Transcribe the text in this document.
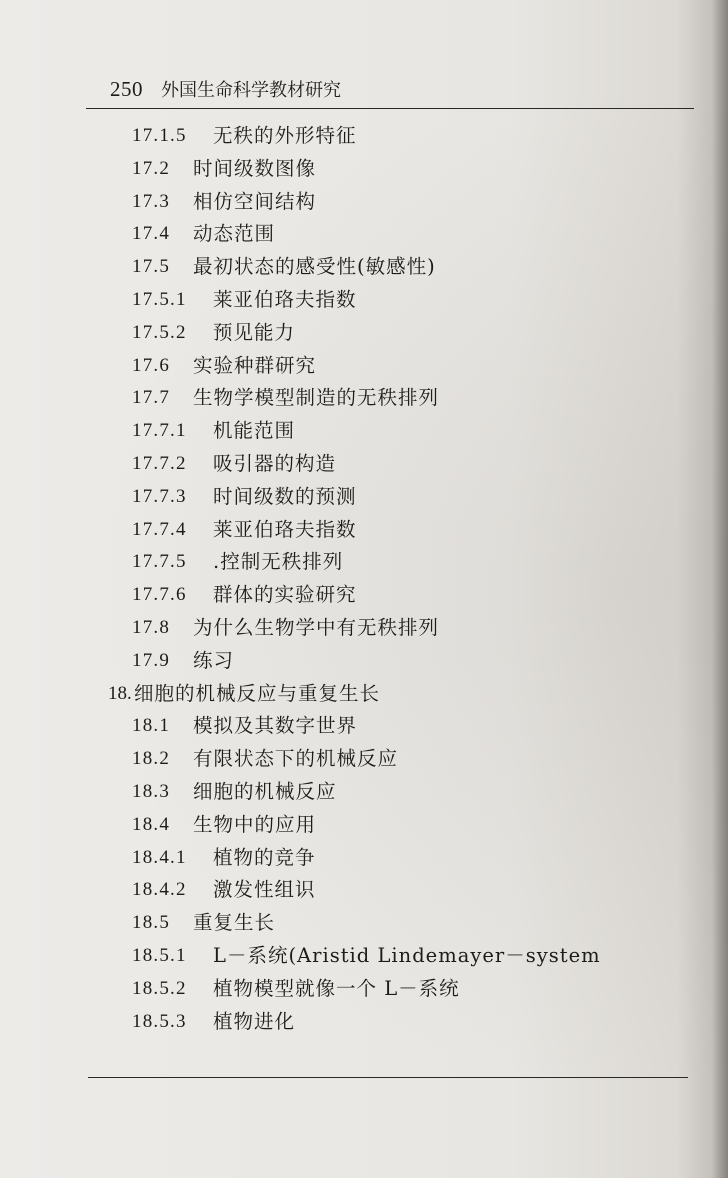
250 外国生命科学教材研究
17.1.5 无秩的外形特征
17.2 时间级数图像
17.3 相仿空间结构
17.4 动态范围
17.5 最初状态的感受性(敏感性)
17.5.1 莱亚伯珞夫指数
17.5.2 预见能力
17.6 实验种群研究
17.7 生物学模型制造的无秩排列
17.7.1 机能范围
17.7.2 吸引器的构造
17.7.3 时间级数的预测
17.7.4 莱亚伯珞夫指数
17.7.5 .控制无秩排列
17.7.6 群体的实验研究
17.8 为什么生物学中有无秩排列
17.9 练习
18. 细胞的机械反应与重复生长
18.1 模拟及其数字世界
18.2 有限状态下的机械反应
18.3 细胞的机械反应
18.4 生物中的应用
18.4.1 植物的竞争
18.4.2 激发性组识
18.5 重复生长
18.5.1 L－系统(Aristid Lindemayer－system
18.5.2 植物模型就像一个 L－系统
18.5.3 植物进化
